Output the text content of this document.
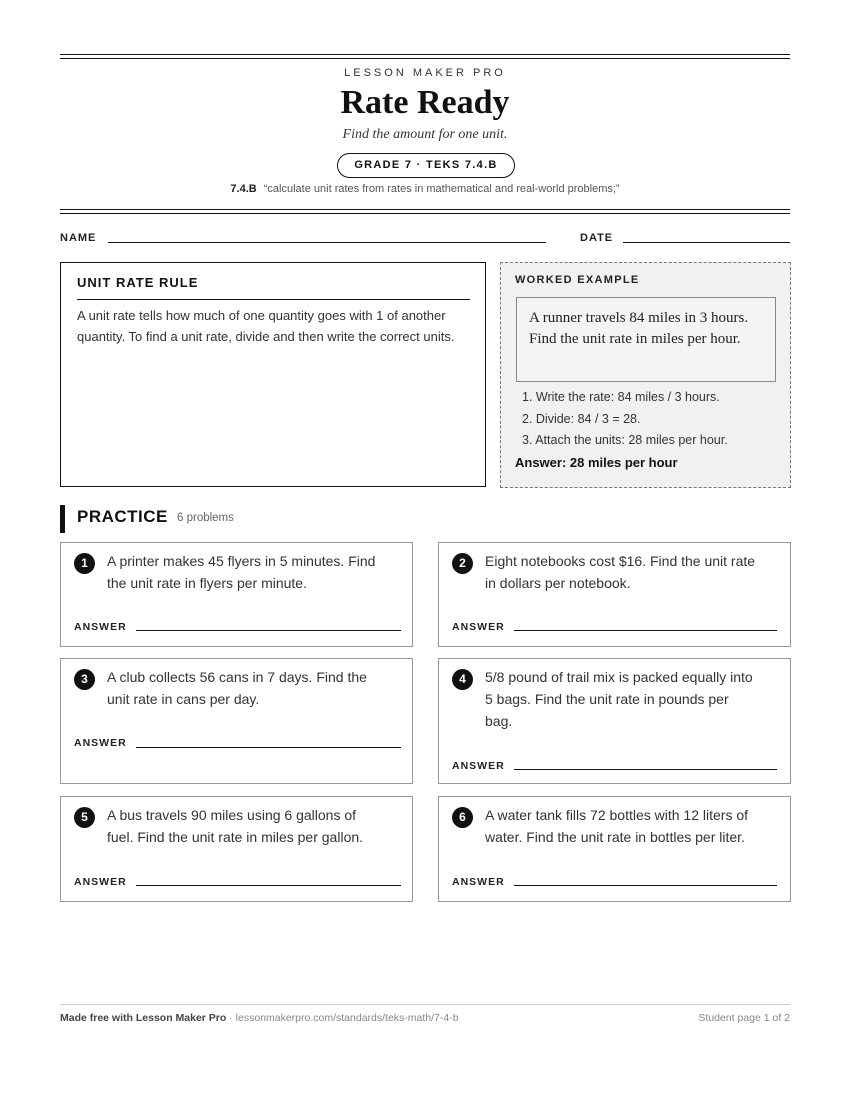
LESSON MAKER PRO
Rate Ready
Find the amount for one unit.
GRADE 7 · TEKS 7.4.B
7.4.B “calculate unit rates from rates in mathematical and real-world problems;”
NAME	DATE
UNIT RATE RULE
A unit rate tells how much of one quantity goes with 1 of another quantity. To find a unit rate, divide and then write the correct units.
WORKED EXAMPLE
A runner travels 84 miles in 3 hours. Find the unit rate in miles per hour.
1. Write the rate: 84 miles / 3 hours.
2. Divide: 84 / 3 = 28.
3. Attach the units: 28 miles per hour.
Answer: 28 miles per hour
PRACTICE 6 problems
1	A printer makes 45 flyers in 5 minutes. Find
the unit rate in flyers per minute.
ANSWER
2	Eight notebooks cost $16. Find the unit rate
in dollars per notebook.
ANSWER
3	A club collects 56 cans in 7 days. Find the
unit rate in cans per day.
ANSWER
4	5/8 pound of trail mix is packed equally into
5 bags. Find the unit rate in pounds per
bag.
ANSWER
5	A bus travels 90 miles using 6 gallons of
fuel. Find the unit rate in miles per gallon.
ANSWER
6	A water tank fills 72 bottles with 12 liters of
water. Find the unit rate in bottles per liter.
ANSWER
Made free with Lesson Maker Pro · lessonmakerpro.com/standards/teks-math/7-4-b	Student page 1 of 2
